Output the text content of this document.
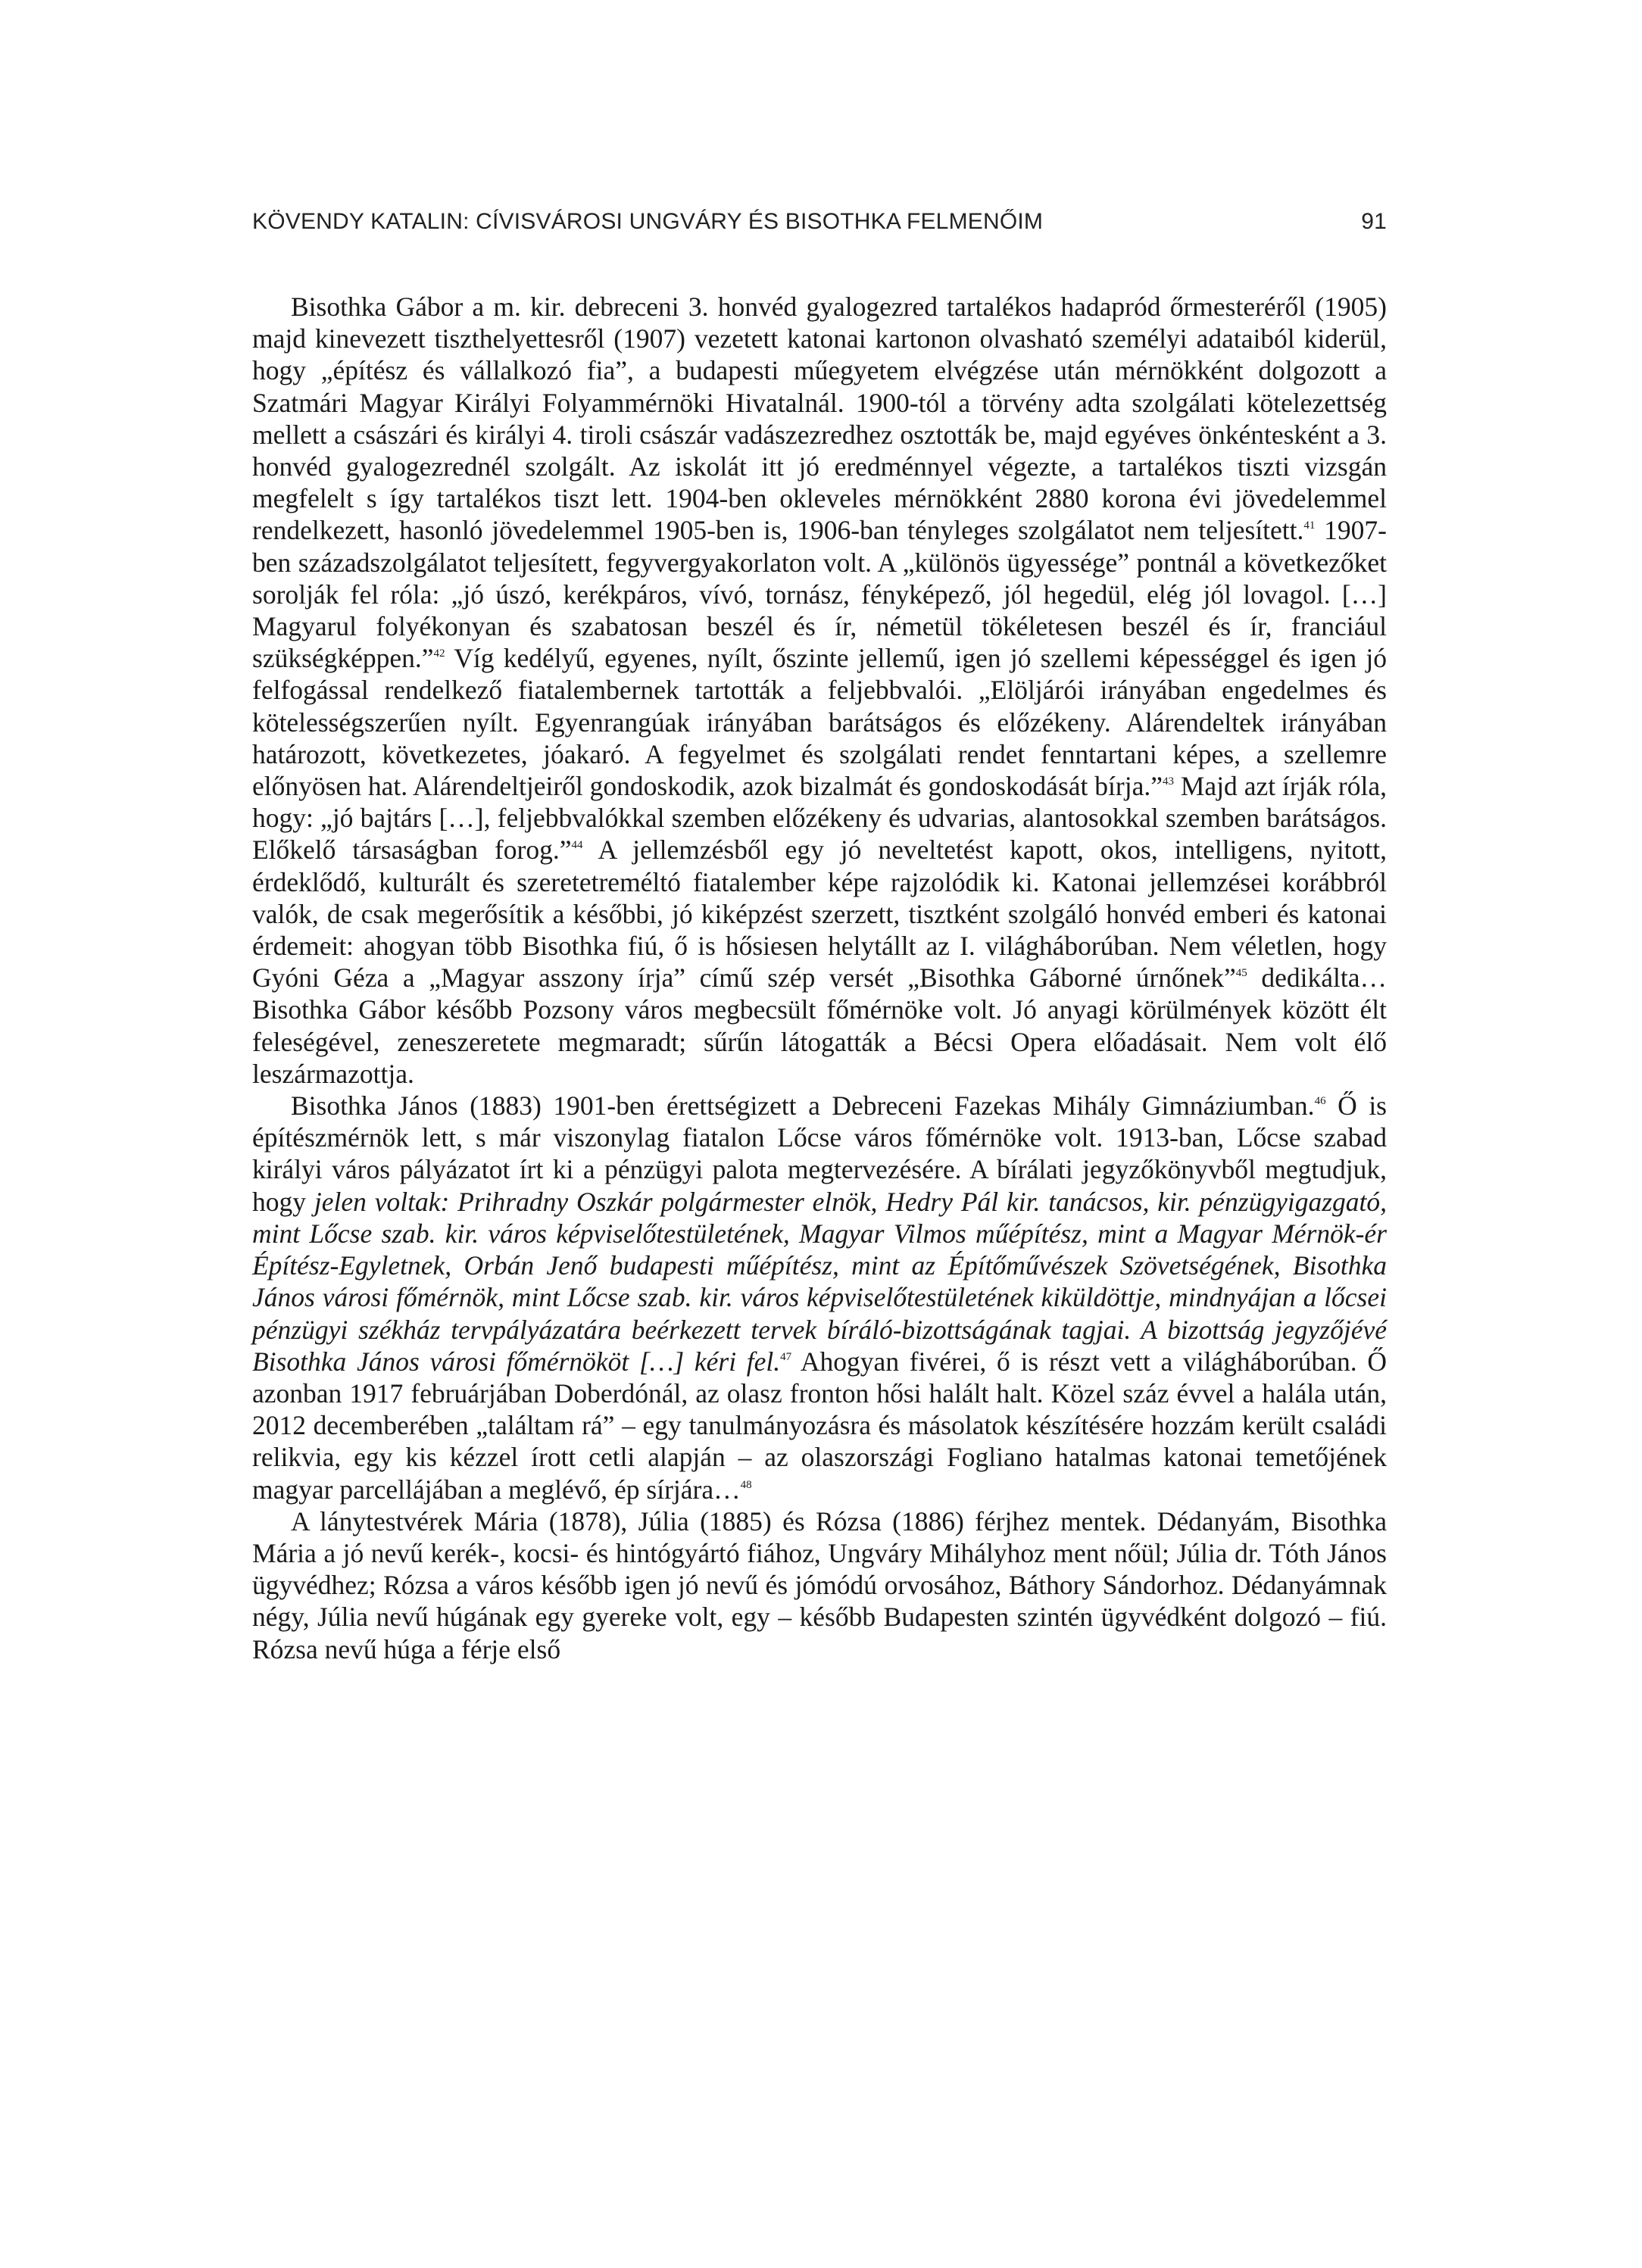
KÖVENDY KATALIN: CÍVISVÁROSI UNGVÁRY ÉS BISOTHKA FELMENŐIM	91

Bisothka Gábor a m. kir. debreceni 3. honvéd gyalogezred tartalékos hadapród őrmesteréről (1905) majd kinevezett tiszthelyettesről (1907) vezetett katonai kartonon olvasható személyi adataiból kiderül, hogy „építész és vállalkozó fia”, a budapesti műegyetem elvégzése után mérnökként dolgozott a Szatmári Magyar Királyi Folyammérnöki Hivatalnál. 1900-tól a törvény adta szolgálati kötelezettség mellett a császári és királyi 4. tiroli császár vadászezredhez osztották be, majd egyéves önkéntesként a 3. honvéd gyalogezrednél szolgált. Az iskolát itt jó eredménnyel végezte, a tartalékos tiszti vizsgán megfelelt s így tartalékos tiszt lett. 1904-ben okleveles mérnökként 2880 korona évi jövedelemmel rendelkezett, hasonló jövedelemmel 1905-ben is, 1906-ban tényleges szolgálatot nem teljesített.$^{41}$ 1907-ben századszolgálatot teljesített, fegyvergyakorlaton volt. A „különös ügyessége” pontnál a következőket sorolják fel róla: „jó úszó, kerékpáros, vívó, tornász, fényképező, jól hegedül, elég jól lovagol. […] Magyarul folyékonyan és szabatosan beszél és ír, németül tökéletesen beszél és ír, franciául szükségképpen.”$^{42}$ Víg kedélyű, egyenes, nyílt, őszinte jellemű, igen jó szellemi képességgel és igen jó felfogással rendelkező fiatalembernek tartották a feljebbvalói. „Elöljárói irányában engedelmes és kötelességszerűen nyílt. Egyenrangúak irányában barátságos és előzékeny. Alárendeltek irányában határozott, következetes, jóakaró. A fegyelmet és szolgálati rendet fenntartani képes, a szellemre előnyösen hat. Alárendeltjeiről gondoskodik, azok bizalmát és gondoskodását bírja.”$^{43}$ Majd azt írják róla, hogy: „jó bajtárs […], feljebbvalókkal szemben előzékeny és udvarias, alantosokkal szemben barátságos. Előkelő társaságban forog.”$^{44}$ A jellemzésből egy jó neveltetést kapott, okos, intelligens, nyitott, érdeklődő, kulturált és szeretetreméltó fiatalember képe rajzolódik ki. Katonai jellemzései korábbról valók, de csak megerősítik a későbbi, jó kiképzést szerzett, tisztként szolgáló honvéd emberi és katonai érdemeit: ahogyan több Bisothka fiú, ő is hősiesen helytállt az I. világháborúban. Nem véletlen, hogy Gyóni Géza a „Magyar asszony írja” című szép versét „Bisothka Gáborné úrnőnek”$^{45}$ dedikálta… Bisothka Gábor később Pozsony város megbecsült főmérnöke volt. Jó anyagi körülmények között élt feleségével, zeneszeretete megmaradt; sűrűn látogatták a Bécsi Opera előadásait. Nem volt élő leszármazottja.

Bisothka János (1883) 1901-ben érettségizett a Debreceni Fazekas Mihály Gimnáziumban.$^{46}$ Ő is építészmérnök lett, s már viszonylag fiatalon Lőcse város főmérnöke volt. 1913-ban, Lőcse szabad királyi város pályázatot írt ki a pénzügyi palota megtervezésére. A bírálati jegyzőkönyvből megtudjuk, hogy jelen voltak: Prihradny Oszkár polgármester elnök, Hedry Pál kir. tanácsos, kir. pénzügyigazgató, mint Lőcse szab. kir. város képviselőtestületének, Magyar Vilmos műépítész, mint a Magyar Mérnök-ér Építész-Egyletnek, Orbán Jenő budapesti műépítész, mint az Építőművészek Szövetségének, Bisothka János városi főmérnök, mint Lőcse szab. kir. város képviselőtestületének kiküldöttje, mindnyájan a lőcsei pénzügyi székház tervpályázatára beérkezett tervek bíráló-bizottságának tagjai. A bizottság jegyzőjévé Bisothka János városi főmérnököt […] kéri fel.$^{47}$ Ahogyan fivérei, ő is részt vett a világháborúban. Ő azonban 1917 februárjában Doberdónál, az olasz fronton hősi halált halt. Közel száz évvel a halála után, 2012 decemberében „találtam rá” – egy tanulmányozásra és másolatok készítésére hozzám került családi relikvia, egy kis kézzel írott cetli alapján – az olaszországi Fogliano hatalmas katonai temetőjének magyar parcellájában a meglévő, ép sírjára…$^{48}$

A lánytestvérek Mária (1878), Júlia (1885) és Rózsa (1886) férjhez mentek. Dédanyám, Bisothka Mária a jó nevű kerék-, kocsi- és hintógyártó fiához, Ungváry Mihályhoz ment nőül; Júlia dr. Tóth János ügyvédhez; Rózsa a város később igen jó nevű és jómódú orvosához, Báthory Sándorhoz. Dédanyámnak négy, Júlia nevű húgának egy gyereke volt, egy – később Budapesten szintén ügyvédként dolgozó – fiú. Rózsa nevű húga a férje első
